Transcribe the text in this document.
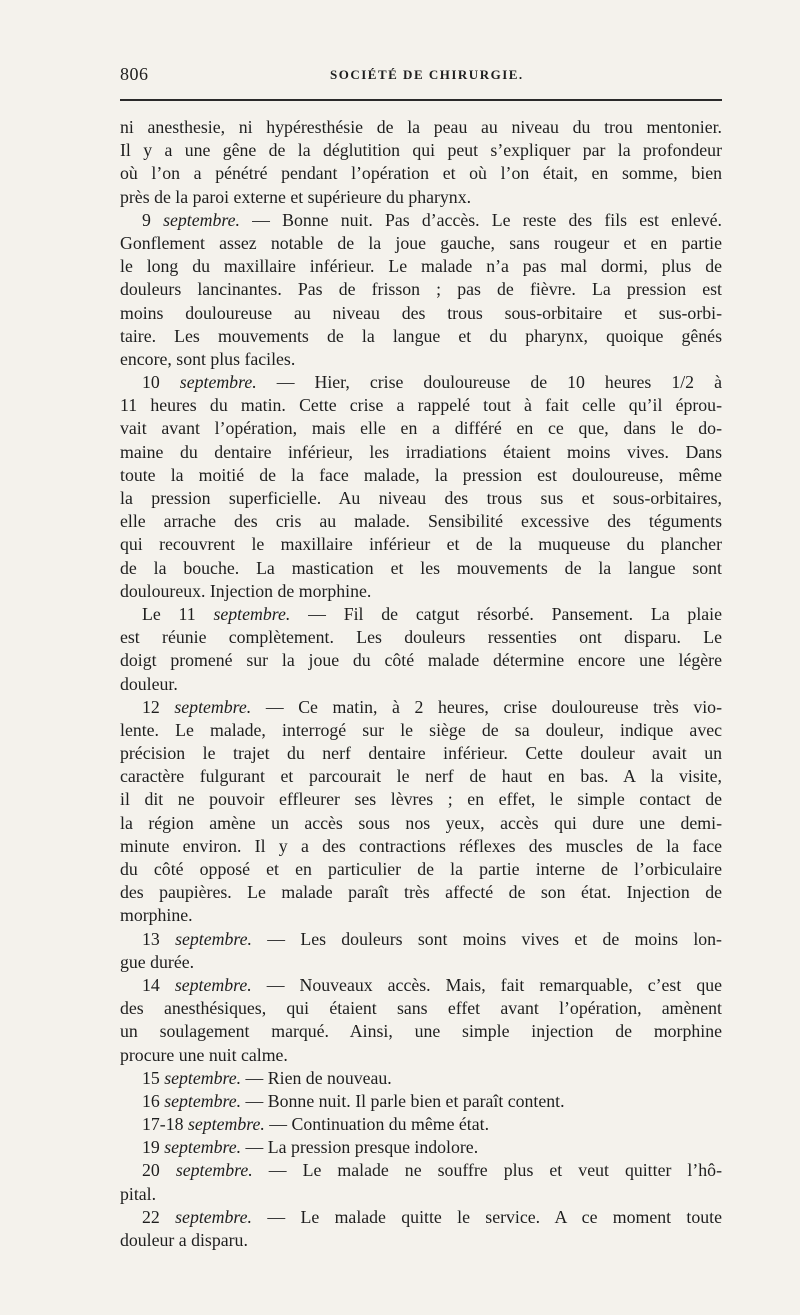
806	SOCIÉTÉ DE CHIRURGIE.
ni anesthesie, ni hypéresthésie de la peau au niveau du trou mentonier.
Il y a une gêne de la déglutition qui peut s’expliquer par la profondeur
où l’on a pénétré pendant l’opération et où l’on était, en somme, bien
près de la paroi externe et supérieure du pharynx.
9 septembre. — Bonne nuit. Pas d’accès. Le reste des fils est enlevé.
Gonflement assez notable de la joue gauche, sans rougeur et en partie
le long du maxillaire inférieur. Le malade n’a pas mal dormi, plus de
douleurs lancinantes. Pas de frisson ; pas de fièvre. La pression est
moins douloureuse au niveau des trous sous-orbitaire et sus-orbi-
taire. Les mouvements de la langue et du pharynx, quoique gênés
encore, sont plus faciles.
10 septembre. — Hier, crise douloureuse de 10 heures 1/2 à
11 heures du matin. Cette crise a rappelé tout à fait celle qu’il éprou-
vait avant l’opération, mais elle en a différé en ce que, dans le do-
maine du dentaire inférieur, les irradiations étaient moins vives. Dans
toute la moitié de la face malade, la pression est douloureuse, même
la pression superficielle. Au niveau des trous sus et sous-orbitaires,
elle arrache des cris au malade. Sensibilité excessive des téguments
qui recouvrent le maxillaire inférieur et de la muqueuse du plancher
de la bouche. La mastication et les mouvements de la langue sont
douloureux. Injection de morphine.
Le 11 septembre. — Fil de catgut résorbé. Pansement. La plaie
est réunie complètement. Les douleurs ressenties ont disparu. Le
doigt promené sur la joue du côté malade détermine encore une légère
douleur.
12 septembre. — Ce matin, à 2 heures, crise douloureuse très vio-
lente. Le malade, interrogé sur le siège de sa douleur, indique avec
précision le trajet du nerf dentaire inférieur. Cette douleur avait un
caractère fulgurant et parcourait le nerf de haut en bas. A la visite,
il dit ne pouvoir effleurer ses lèvres ; en effet, le simple contact de
la région amène un accès sous nos yeux, accès qui dure une demi-
minute environ. Il y a des contractions réflexes des muscles de la face
du côté opposé et en particulier de la partie interne de l’orbiculaire
des paupières. Le malade paraît très affecté de son état. Injection de
morphine.
13 septembre. — Les douleurs sont moins vives et de moins lon-
gue durée.
14 septembre. — Nouveaux accès. Mais, fait remarquable, c’est que
des anesthésiques, qui étaient sans effet avant l’opération, amènent
un soulagement marqué. Ainsi, une simple injection de morphine
procure une nuit calme.
15 septembre. — Rien de nouveau.
16 septembre. — Bonne nuit. Il parle bien et paraît content.
17-18 septembre. — Continuation du même état.
19 septembre. — La pression presque indolore.
20 septembre. — Le malade ne souffre plus et veut quitter l’hô-
pital.
22 septembre. — Le malade quitte le service. A ce moment toute
douleur a disparu.
